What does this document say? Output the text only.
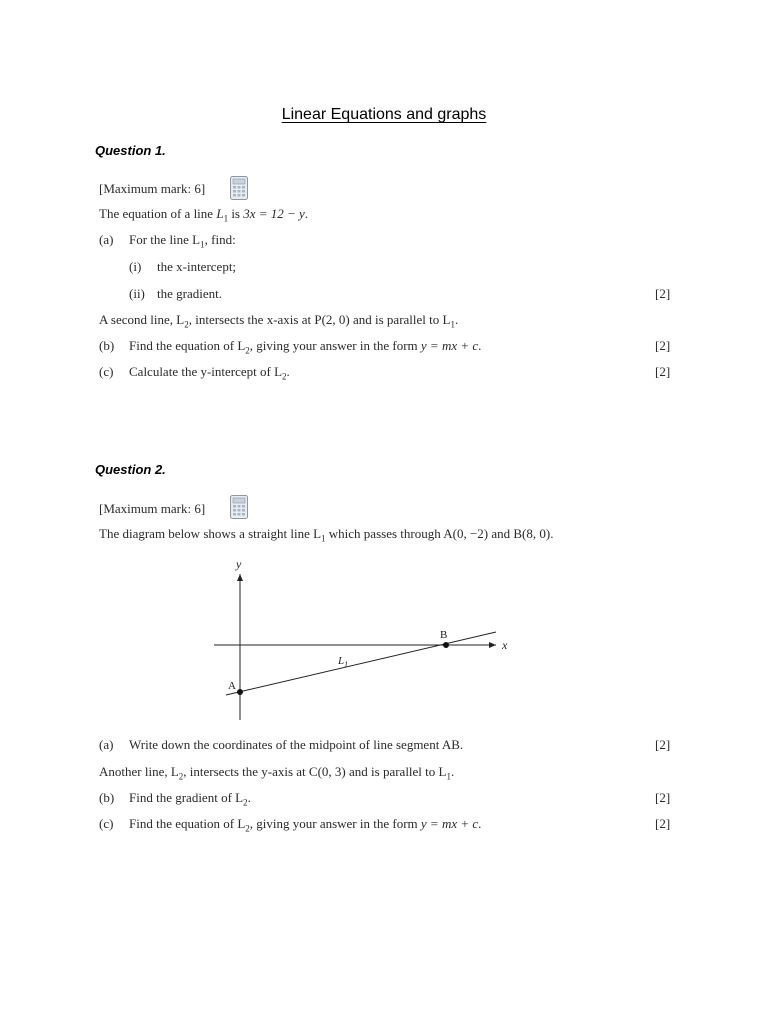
Linear Equations and graphs
Question 1.
[Maximum mark: 6]
The equation of a line $L_1$ is 3x = 12 − y.
(a) For the line $L_1$, find:
(i) the x-intercept;
(ii) the gradient.	[2]
A second line, $L_2$, intersects the x-axis at P(2, 0) and is parallel to $L_1$.
(b) Find the equation of $L_2$, giving your answer in the form y = mx + c.	[2]
(c) Calculate the y-intercept of $L_2$.	[2]
Question 2.
[Maximum mark: 6]
The diagram below shows a straight line $L_1$ which passes through A(0, −2) and B(8, 0).
y
x
$L_1$
A
B
(a) Write down the coordinates of the midpoint of line segment AB.	[2]
Another line, $L_2$, intersects the y-axis at C(0, 3) and is parallel to $L_1$.
(b) Find the gradient of $L_2$.	[2]
(c) Find the equation of $L_2$, giving your answer in the form y = mx + c.	[2]
